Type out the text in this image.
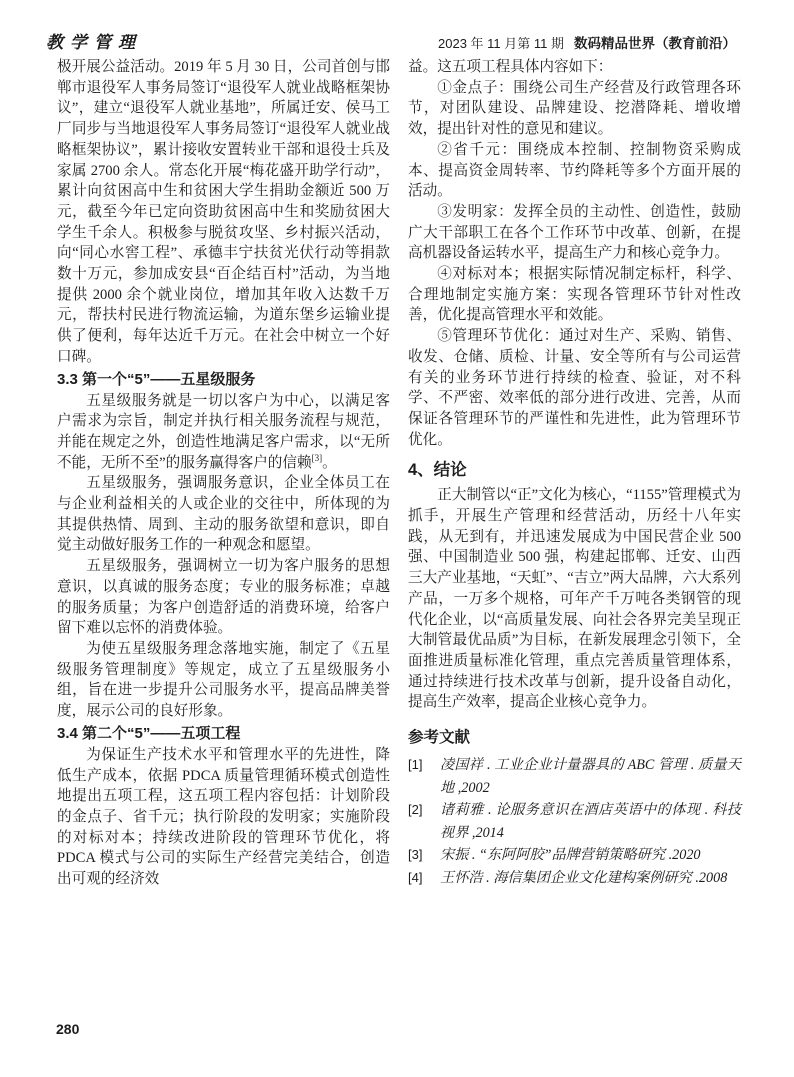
教学管理	2023 年 11 月第 11 期 数码精品世界（教育前沿）

极开展公益活动。2019 年 5 月 30 日，公司首创与邯郸市退役军人事务局签订“退役军人就业战略框架协议”，建立“退役军人就业基地”，所属迁安、侯马工厂同步与当地退役军人事务局签订“退役军人就业战略框架协议”，累计接收安置转业干部和退役士兵及家属 2700 余人。常态化开展“梅花盛开助学行动”，累计向贫困高中生和贫困大学生捐助金额近 500 万元，截至今年已定向资助贫困高中生和奖励贫困大学生千余人。积极参与脱贫攻坚、乡村振兴活动，向“同心水窖工程”、承德丰宁扶贫光伏行动等捐款数十万元，参加成安县“百企结百村”活动，为当地提供 2000 余个就业岗位，增加其年收入达数千万元，帮扶村民进行物流运输，为道东堡乡运输业提供了便利，每年达近千万元。在社会中树立一个好口碑。

3.3 第一个“5”——五星级服务

五星级服务就是一切以客户为中心，以满足客户需求为宗旨，制定并执行相关服务流程与规范，并能在规定之外，创造性地满足客户需求，以“无所不能，无所不至”的服务赢得客户的信赖[3]。

五星级服务，强调服务意识，企业全体员工在与企业利益相关的人或企业的交往中，所体现的为其提供热情、周到、主动的服务欲望和意识，即自觉主动做好服务工作的一种观念和愿望。

五星级服务，强调树立一切为客户服务的思想意识，以真诚的服务态度；专业的服务标准；卓越的服务质量；为客户创造舒适的消费环境，给客户留下难以忘怀的消费体验。

为使五星级服务理念落地实施，制定了《五星级服务管理制度》等规定，成立了五星级服务小组，旨在进一步提升公司服务水平，提高品牌美誉度，展示公司的良好形象。

3.4 第二个“5”——五项工程

为保证生产技术水平和管理水平的先进性，降低生产成本，依据 PDCA 质量管理循环模式创造性地提出五项工程，这五项工程内容包括：计划阶段的金点子、省千元；执行阶段的发明家；实施阶段的对标对本；持续改进阶段的管理环节优化，将 PDCA 模式与公司的实际生产经营完美结合，创造出可观的经济效

益。这五项工程具体内容如下：

①金点子：围绕公司生产经营及行政管理各环节，对团队建设、品牌建设、挖潜降耗、增收增效，提出针对性的意见和建议。

②省千元：围绕成本控制、控制物资采购成本、提高资金周转率、节约降耗等多个方面开展的活动。

③发明家：发挥全员的主动性、创造性，鼓励广大干部职工在各个工作环节中改革、创新，在提高机器设备运转水平，提高生产力和核心竞争力。

④对标对本；根据实际情况制定标杆，科学、合理地制定实施方案：实现各管理环节针对性改善，优化提高管理水平和效能。

⑤管理环节优化：通过对生产、采购、销售、收发、仓储、质检、计量、安全等所有与公司运营有关的业务环节进行持续的检查、验证，对不科学、不严密、效率低的部分进行改进、完善，从而保证各管理环节的严谨性和先进性，此为管理环节优化。

4、结论

正大制管以“正”文化为核心，“1155”管理模式为抓手，开展生产管理和经营活动，历经十八年实践，从无到有，并迅速发展成为中国民营企业 500 强、中国制造业 500 强，构建起邯郸、迁安、山西三大产业基地，“天虹”、“吉立”两大品牌，六大系列产品，一万多个规格，可年产千万吨各类钢管的现代化企业，以“高质量发展、向社会各界完美呈现正大制管最优品质”为目标，在新发展理念引领下，全面推进质量标准化管理，重点完善质量管理体系，通过持续进行技术改革与创新，提升设备自动化，提高生产效率，提高企业核心竞争力。

参考文献
[1]	凌国祥 . 工业企业计量器具的 ABC 管理 . 质量天地 ,2002
[2]	诸莉雅 . 论服务意识在酒店英语中的体现 . 科技视界 ,2014
[3]	宋振 . “东阿阿胶”品牌营销策略研究 .2020
[4]	王怀浩 . 海信集团企业文化建构案例研究 .2008
280
